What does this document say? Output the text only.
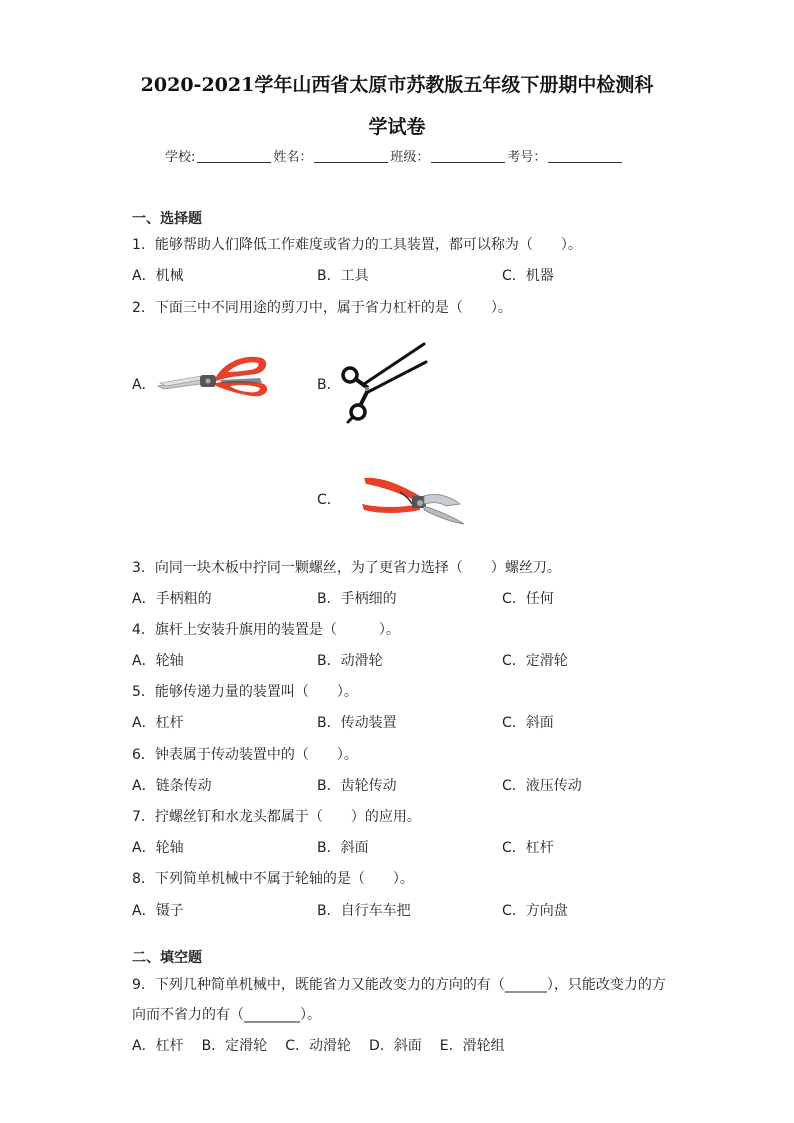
2020-2021学年山西省太原市苏教版五年级下册期中检测科
学试卷
学校:	姓名：	班级：	考号：
一、选择题
1．能够帮助人们降低工作难度或省力的工具装置，都可以称为（　　）。
A．机械	B．工具	C．机器
2．下面三中不同用途的剪刀中，属于省力杠杆的是（　　）。
A．	B．
C．
3．向同一块木板中拧同一颗螺丝，为了更省力选择（　　）螺丝刀。
A．手柄粗的	B．手柄细的	C．任何
4．旗杆上安装升旗用的装置是（　　　）。
A．轮轴	B．动滑轮	C．定滑轮
5．能够传递力量的装置叫（　　）。
A．杠杆	B．传动装置	C．斜面
6．钟表属于传动装置中的（　　）。
A．链条传动	B．齿轮传动	C．液压传动
7．拧螺丝钉和水龙头都属于（　　）的应用。
A．轮轴	B．斜面	C．杠杆
8．下列简单机械中不属于轮轴的是（　　）。
A．镊子	B．自行车车把	C．方向盘
二、填空题
9．下列几种简单机械中，既能省力又能改变力的方向的有（______），只能改变力的方
向而不省力的有（________）。
A．杠杆 B．定滑轮 C．动滑轮 D．斜面 E．滑轮组
